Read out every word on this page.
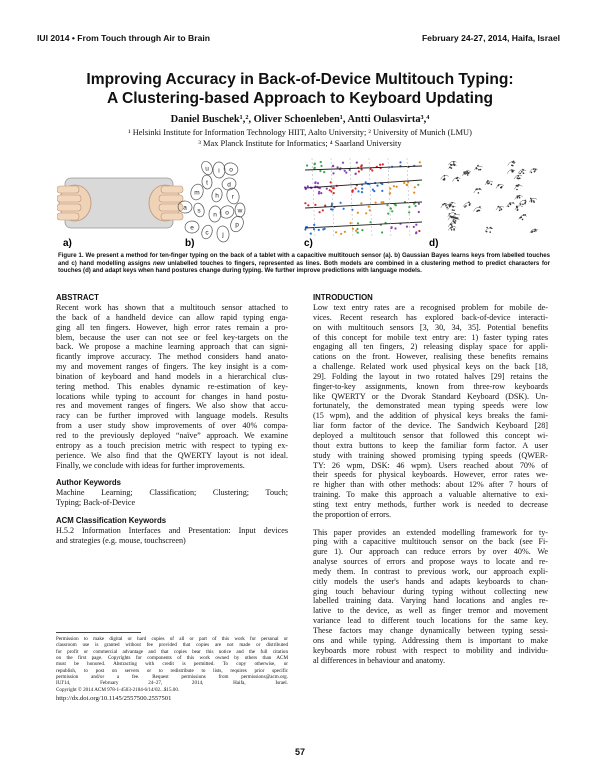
IUI 2014 • From Touch through Air to Brain	February 24-27, 2014, Haifa, Israel
Improving Accuracy in Back-of-Device Multitouch Typing:
A Clustering-based Approach to Keyboard Updating
Daniel Buschek¹,², Oliver Schoenleben¹, Antti Oulasvirta³,⁴
¹ Helsinki Institute for Information Technology HIIT, Aalto University; ² University of Munich (LMU)
³ Max Planck Institute for Informatics; ⁴ Saarland University
a)	b)
u i o
t
m
d
h r
a s
n o w
p
e
c j
c)	d)
Figure 1. We present a method for ten-finger typing on the back of a tablet with a capacitive multitouch sensor (a). b) Gaussian Bayes learns keys from labelled touches and c) hand modelling assigns new unlabelled touches to fingers, represented as lines. Both models are combined in a clustering method to predict characters for touches (d) and adapt keys when hand postures change during typing. We further improve predictions with language models.
ABSTRACT
Recent work has shown that a multitouch sensor attached to
the back of a handheld device can allow rapid typing enga-
ging all ten fingers. However, high error rates remain a pro-
blem, because the user can not see or feel key-targets on the
back. We propose a machine learning approach that can signi-
ficantly improve accuracy. The method considers hand anato-
my and movement ranges of fingers. The key insight is a com-
bination of keyboard and hand models in a hierarchical clus-
tering method. This enables dynamic re-estimation of key-
locations while typing to account for changes in hand postu-
res and movement ranges of fingers. We also show that accu-
racy can be further improved with language models. Results
from a user study show improvements of over 40% compa-
red to the previously deployed “naïve” approach. We examine
entropy as a touch precision metric with respect to typing ex-
perience. We also find that the QWERTY layout is not ideal.
Finally, we conclude with ideas for further improvements.
Author Keywords
Machine Learning; Classification; Clustering; Touch;
Typing; Back-of-Device
ACM Classification Keywords
H.5.2 Information Interfaces and Presentation: Input devices
and strategies (e.g. mouse, touchscreen)
Permission to make digital or hard copies of all or part of this work for personal or
classroom use is granted without fee provided that copies are not made or distributed
for profit or commercial advantage and that copies bear this notice and the full citation
on the first page. Copyrights for components of this work owned by others than ACM
must be honored. Abstracting with credit is permitted. To copy otherwise, or
republish, to post on servers or to redistribute to lists, requires prior specific
permission and/or a fee. Request permissions from permissions@acm.org.
IUI'14, February 24–27, 2014, Haifa, Israel.
Copyright © 2014 ACM 978-1-4503-2184-6/14/02...$15.00.
http://dx.doi.org/10.1145/2557500.2557501
INTRODUCTION
Low text entry rates are a recognised problem for mobile de-
vices. Recent research has explored back-of-device interacti-
on with multitouch sensors [3, 30, 34, 35]. Potential benefits
of this concept for mobile text entry are: 1) faster typing rates
engaging all ten fingers, 2) releasing display space for appli-
cations on the front. However, realising these benefits remains
a challenge. Related work used physical keys on the back [18,
29]. Folding the layout in two rotated halves [29] retains the
finger-to-key assignments, known from three-row keyboards
like QWERTY or the Dvorak Standard Keyboard (DSK). Un-
fortunately, the demonstrated mean typing speeds were low
(15 wpm), and the addition of physical keys breaks the fami-
liar form factor of the device. The Sandwich Keyboard [28]
deployed a multitouch sensor that followed this concept wi-
thout extra buttons to keep the familiar form factor. A user
study with training showed promising typing speeds (QWER-
TY: 26 wpm, DSK: 46 wpm). Users reached about 70% of
their speeds for physical keyboards. However, error rates we-
re higher than with other methods: about 12% after 7 hours of
training. To make this approach a valuable alternative to exi-
sting text entry methods, further work is needed to decrease
the proportion of errors.
This paper provides an extended modelling framework for ty-
ping with a capacitive multitouch sensor on the back (see Fi-
gure 1). Our approach can reduce errors by over 40%. We
analyse sources of errors and propose ways to locate and re-
medy them. In contrast to previous work, our approach expli-
citly models the user's hands and adapts keyboards to chan-
ging touch behaviour during typing without collecting new
labelled training data. Varying hand locations and angles re-
lative to the device, as well as finger tremor and movement
variance lead to different touch locations for the same key.
These factors may change dynamically between typing sessi-
ons and while typing. Addressing them is important to make
keyboards more robust with respect to mobility and individu-
al differences in behaviour and anatomy.
57
